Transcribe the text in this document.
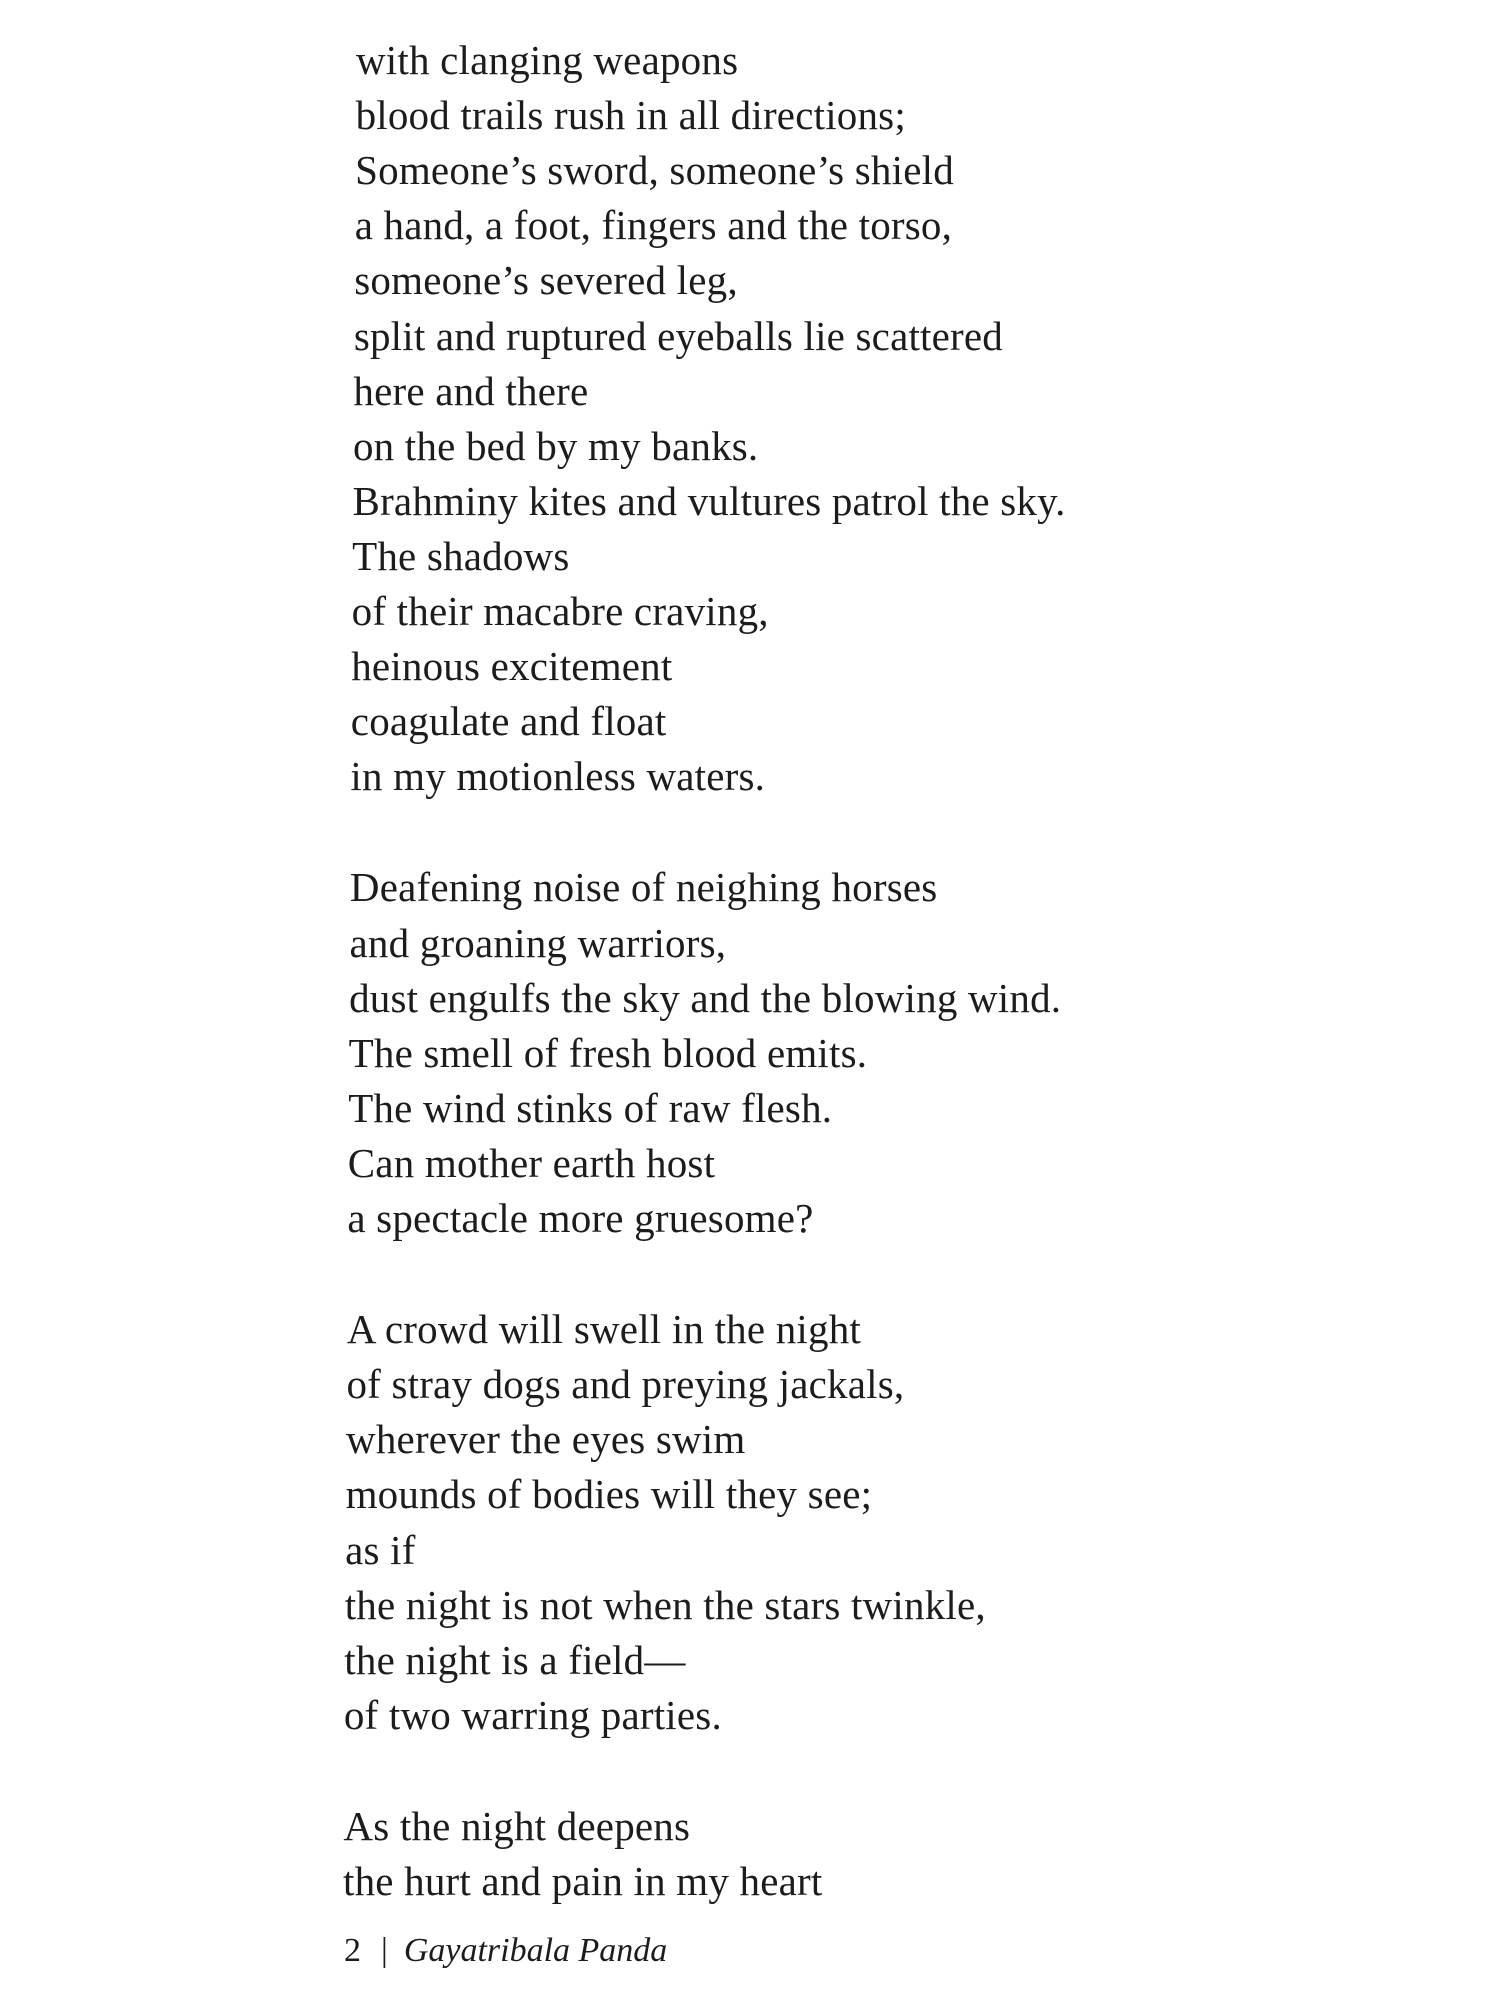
with clanging weapons
blood trails rush in all directions;
Someone’s sword, someone’s shield
a hand, a foot, fingers and the torso,
someone’s severed leg,
split and ruptured eyeballs lie scattered
here and there
on the bed by my banks.
Brahminy kites and vultures patrol the sky.
The shadows
of their macabre craving,
heinous excitement
coagulate and float
in my motionless waters.
Deafening noise of neighing horses
and groaning warriors,
dust engulfs the sky and the blowing wind.
The smell of fresh blood emits.
The wind stinks of raw flesh.
Can mother earth host
a spectacle more gruesome?
A crowd will swell in the night
of stray dogs and preying jackals,
wherever the eyes swim
mounds of bodies will they see;
as if
the night is not when the stars twinkle,
the night is a field—
of two warring parties.
As the night deepens
the hurt and pain in my heart
2 | Gayatribala Panda
